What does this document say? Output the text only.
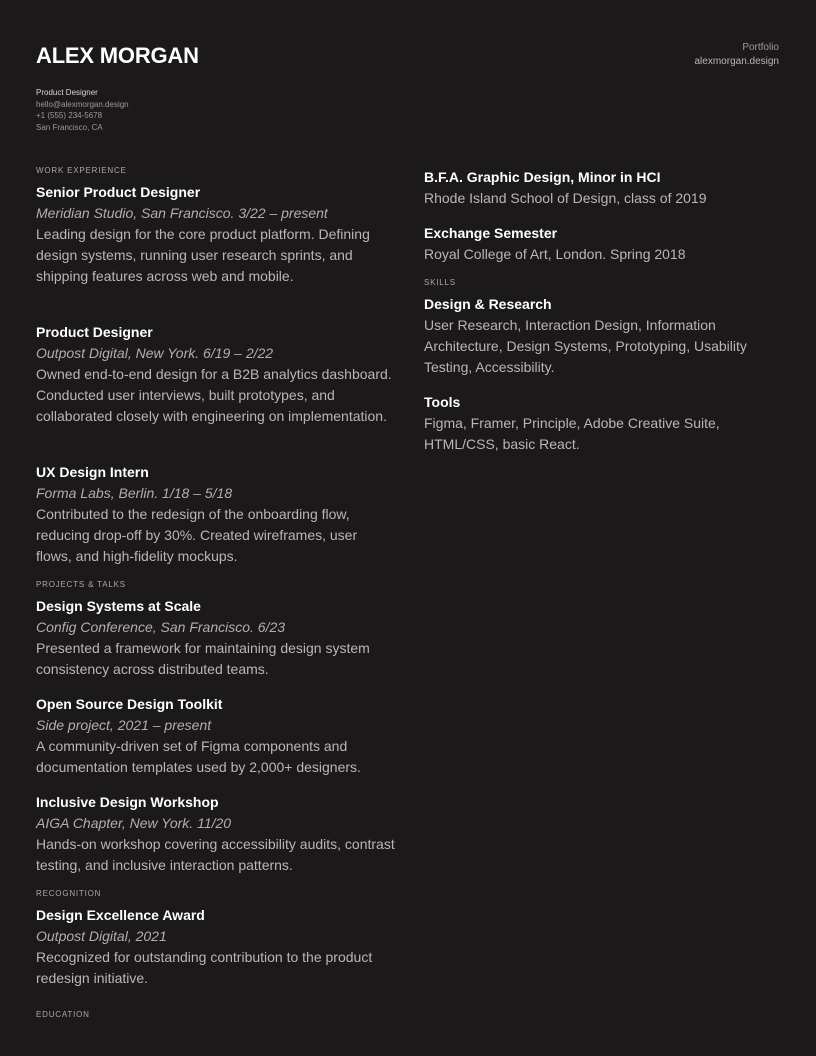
ALEX MORGAN
Product Designer
hello@alexmorgan.design
+1 (555) 234-5678
San Francisco, CA
Portfolio
alexmorgan.design
WORK EXPERIENCE
Senior Product Designer
Meridian Studio, San Francisco. 3/22 – present
Leading design for the core product platform. Defining design systems, running user research sprints, and shipping features across web and mobile.
Product Designer
Outpost Digital, New York. 6/19 – 2/22
Owned end-to-end design for a B2B analytics dashboard. Conducted user interviews, built prototypes, and collaborated closely with engineering on implementation.
UX Design Intern
Forma Labs, Berlin. 1/18 – 5/18
Contributed to the redesign of the onboarding flow, reducing drop-off by 30%. Created wireframes, user flows, and high-fidelity mockups.
PROJECTS & TALKS
Design Systems at Scale
Config Conference, San Francisco. 6/23
Presented a framework for maintaining design system consistency across distributed teams.
Open Source Design Toolkit
Side project, 2021 – present
A community-driven set of Figma components and documentation templates used by 2,000+ designers.
Inclusive Design Workshop
AIGA Chapter, New York. 11/20
Hands-on workshop covering accessibility audits, contrast testing, and inclusive interaction patterns.
RECOGNITION
Design Excellence Award
Outpost Digital, 2021
Recognized for outstanding contribution to the product redesign initiative.
EDUCATION
B.F.A. Graphic Design, Minor in HCI
Rhode Island School of Design, class of 2019
Exchange Semester
Royal College of Art, London. Spring 2018
SKILLS
Design & Research
User Research, Interaction Design, Information Architecture, Design Systems, Prototyping, Usability Testing, Accessibility.
Tools
Figma, Framer, Principle, Adobe Creative Suite, HTML/CSS, basic React.
